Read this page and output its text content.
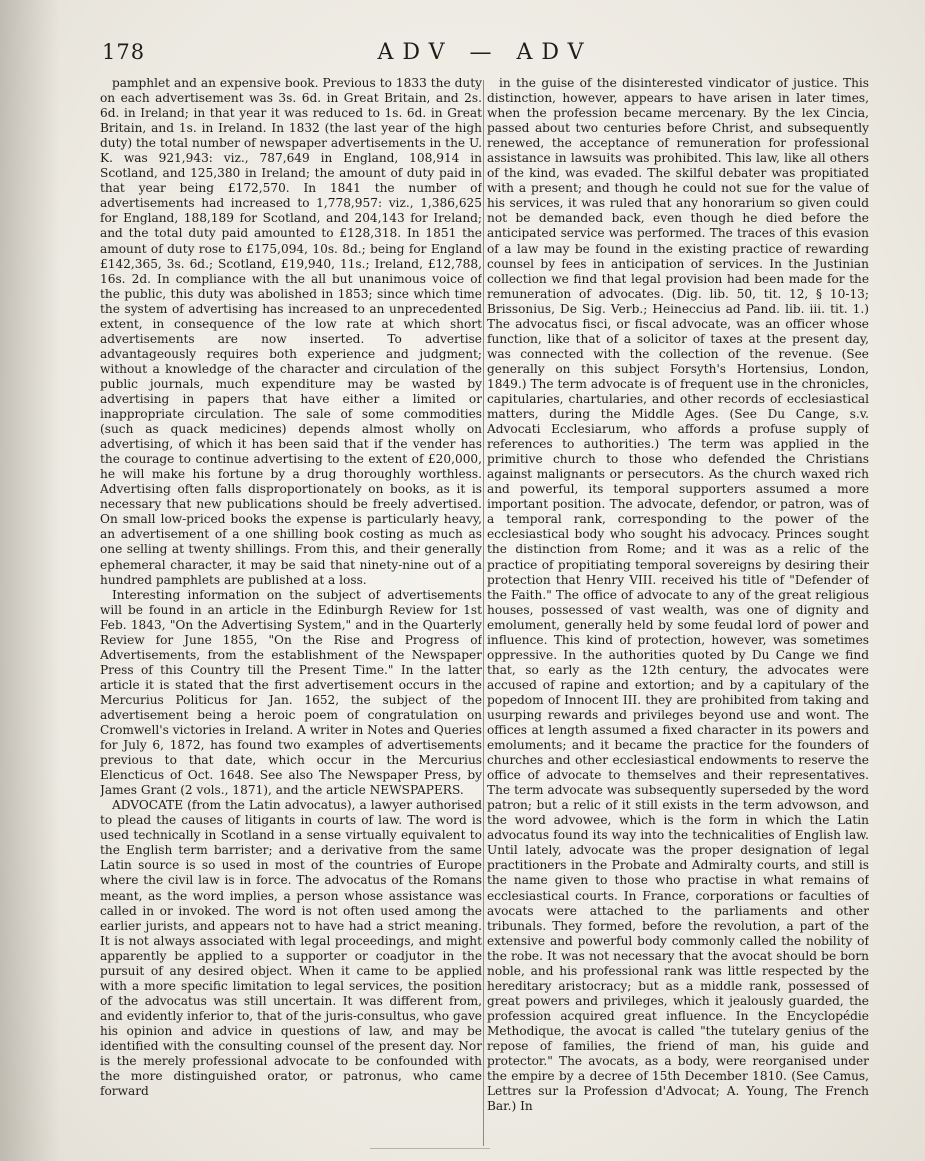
178	ADV — ADV

pamphlet and an expensive book. Previous to 1833 the duty on each advertisement was 3s. 6d. in Great Britain, and 2s. 6d. in Ireland; in that year it was reduced to 1s. 6d. in Great Britain, and 1s. in Ireland. In 1832 (the last year of the high duty) the total number of newspaper advertisements in the U. K. was 921,943: viz., 787,649 in England, 108,914 in Scotland, and 125,380 in Ireland; the amount of duty paid in that year being £172,570. In 1841 the number of advertisements had increased to 1,778,957: viz., 1,386,625 for England, 188,189 for Scotland, and 204,143 for Ireland; and the total duty paid amounted to £128,318. In 1851 the amount of duty rose to £175,094, 10s. 8d.; being for England £142,365, 3s. 6d.; Scotland, £19,940, 11s.; Ireland, £12,788, 16s. 2d. In compliance with the all but unanimous voice of the public, this duty was abolished in 1853; since which time the system of advertising has increased to an unprecedented extent, in consequence of the low rate at which short advertisements are now inserted. To advertise advantageously requires both experience and judgment; without a knowledge of the character and circulation of the public journals, much expenditure may be wasted by advertising in papers that have either a limited or inappropriate circulation. The sale of some commodities (such as quack medicines) depends almost wholly on advertising, of which it has been said that if the vender has the courage to continue advertising to the extent of £20,000, he will make his fortune by a drug thoroughly worthless. Advertising often falls disproportionately on books, as it is necessary that new publications should be freely advertised. On small low-priced books the expense is particularly heavy, an advertisement of a one shilling book costing as much as one selling at twenty shillings. From this, and their generally ephemeral character, it may be said that ninety-nine out of a hundred pamphlets are published at a loss.

Interesting information on the subject of advertisements will be found in an article in the Edinburgh Review for 1st Feb. 1843, "On the Advertising System," and in the Quarterly Review for June 1855, "On the Rise and Progress of Advertisements, from the establishment of the Newspaper Press of this Country till the Present Time." In the latter article it is stated that the first advertisement occurs in the Mercurius Politicus for Jan. 1652, the subject of the advertisement being a heroic poem of congratulation on Cromwell's victories in Ireland. A writer in Notes and Queries for July 6, 1872, has found two examples of advertisements previous to that date, which occur in the Mercurius Elencticus of Oct. 1648. See also The Newspaper Press, by James Grant (2 vols., 1871), and the article NEWSPAPERS.

ADVOCATE (from the Latin advocatus), a lawyer authorised to plead the causes of litigants in courts of law. The word is used technically in Scotland in a sense virtually equivalent to the English term barrister; and a derivative from the same Latin source is so used in most of the countries of Europe where the civil law is in force. The advocatus of the Romans meant, as the word implies, a person whose assistance was called in or invoked. The word is not often used among the earlier jurists, and appears not to have had a strict meaning. It is not always associated with legal proceedings, and might apparently be applied to a supporter or coadjutor in the pursuit of any desired object. When it came to be applied with a more specific limitation to legal services, the position of the advocatus was still uncertain. It was different from, and evidently inferior to, that of the juris-consultus, who gave his opinion and advice in questions of law, and may be identified with the consulting counsel of the present day. Nor is the merely professional advocate to be confounded with the more distinguished orator, or patronus, who came forward

in the guise of the disinterested vindicator of justice. This distinction, however, appears to have arisen in later times, when the profession became mercenary. By the lex Cincia, passed about two centuries before Christ, and subsequently renewed, the acceptance of remuneration for professional assistance in lawsuits was prohibited. This law, like all others of the kind, was evaded. The skilful debater was propitiated with a present; and though he could not sue for the value of his services, it was ruled that any honorarium so given could not be demanded back, even though he died before the anticipated service was performed. The traces of this evasion of a law may be found in the existing practice of rewarding counsel by fees in anticipation of services. In the Justinian collection we find that legal provision had been made for the remuneration of advocates. (Dig. lib. 50, tit. 12, § 10-13; Brissonius, De Sig. Verb.; Heineccius ad Pand. lib. iii. tit. 1.) The advocatus fisci, or fiscal advocate, was an officer whose function, like that of a solicitor of taxes at the present day, was connected with the collection of the revenue. (See generally on this subject Forsyth's Hortensius, London, 1849.) The term advocate is of frequent use in the chronicles, capitularies, chartularies, and other records of ecclesiastical matters, during the Middle Ages. (See Du Cange, s.v. Advocati Ecclesiarum, who affords a profuse supply of references to authorities.) The term was applied in the primitive church to those who defended the Christians against malignants or persecutors. As the church waxed rich and powerful, its temporal supporters assumed a more important position. The advocate, defendor, or patron, was of a temporal rank, corresponding to the power of the ecclesiastical body who sought his advocacy. Princes sought the distinction from Rome; and it was as a relic of the practice of propitiating temporal sovereigns by desiring their protection that Henry VIII. received his title of "Defender of the Faith." The office of advocate to any of the great religious houses, possessed of vast wealth, was one of dignity and emolument, generally held by some feudal lord of power and influence. This kind of protection, however, was sometimes oppressive. In the authorities quoted by Du Cange we find that, so early as the 12th century, the advocates were accused of rapine and extortion; and by a capitulary of the popedom of Innocent III. they are prohibited from taking and usurping rewards and privileges beyond use and wont. The offices at length assumed a fixed character in its powers and emoluments; and it became the practice for the founders of churches and other ecclesiastical endowments to reserve the office of advocate to themselves and their representatives. The term advocate was subsequently superseded by the word patron; but a relic of it still exists in the term advowson, and the word advowee, which is the form in which the Latin advocatus found its way into the technicalities of English law. Until lately, advocate was the proper designation of legal practitioners in the Probate and Admiralty courts, and still is the name given to those who practise in what remains of ecclesiastical courts. In France, corporations or faculties of avocats were attached to the parliaments and other tribunals. They formed, before the revolution, a part of the extensive and powerful body commonly called the nobility of the robe. It was not necessary that the avocat should be born noble, and his professional rank was little respected by the hereditary aristocracy; but as a middle rank, possessed of great powers and privileges, which it jealously guarded, the profession acquired great influence. In the Encyclopédie Methodique, the avocat is called "the tutelary genius of the repose of families, the friend of man, his guide and protector." The avocats, as a body, were reorganised under the empire by a decree of 15th December 1810. (See Camus, Lettres sur la Profession d'Advocat; A. Young, The French Bar.) In
